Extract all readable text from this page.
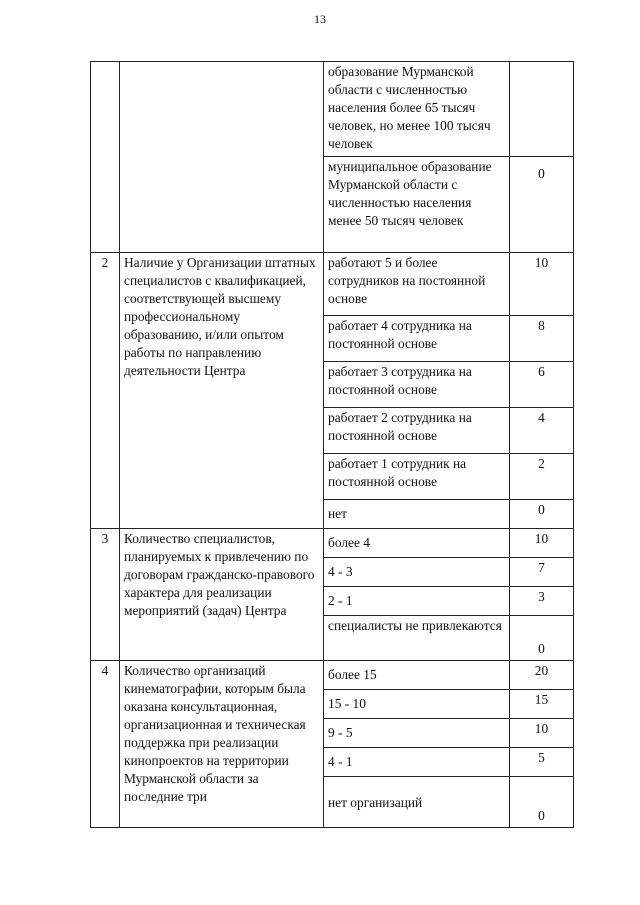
13
		образование Мурманской области с численностью населения более 65 тысяч человек, но менее 100 тысяч человек	
		муниципальное образование Мурманской области с численностью населения менее 50 тысяч человек	0
2	Наличие у Организации штатных специалистов с квалификацией, соответствующей высшему профессиональному образованию, и/или опытом работы по направлению деятельности Центра	работают 5 и более сотрудников на постоянной основе	10
		работает 4 сотрудника на постоянной основе	8
		работает 3 сотрудника на постоянной основе	6
		работает 2 сотрудника на постоянной основе	4
		работает 1 сотрудник на постоянной основе	2
		нет	0
3	Количество специалистов, планируемых к привлечению по договорам гражданско-правового характера для реализации мероприятий (задач) Центра	более 4	10
		4 - 3	7
		2 - 1	3
		специалисты не привлекаются	0
4	Количество организаций кинематографии, которым была оказана консультационная, организационная и техническая поддержка при реализации кинопроектов на территории Мурманской области за последние три	более 15	20
		15 - 10	15
		9 - 5	10
		4 - 1	5
		нет организаций	0
